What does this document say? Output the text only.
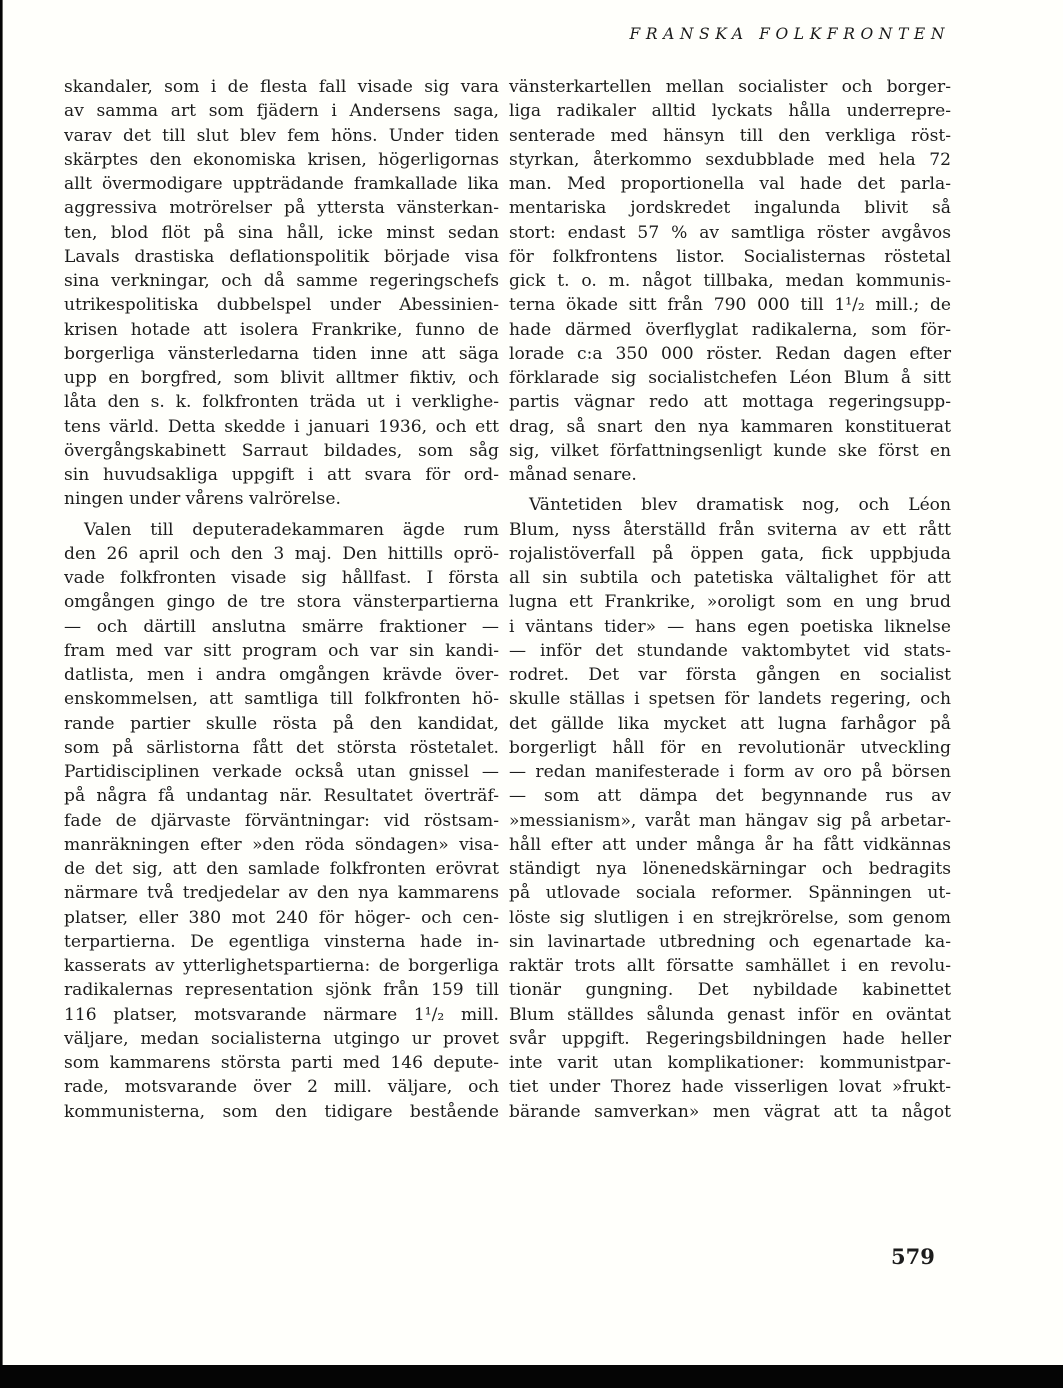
FRANSKA FOLKFRONTEN
skandaler, som i de flesta fall visade sig vara
av samma art som fjädern i Andersens saga,
varav det till slut blev fem höns. Under tiden
skärptes den ekonomiska krisen, högerligornas
allt övermodigare uppträdande framkallade lika
aggressiva motrörelser på yttersta vänsterkan-
ten, blod flöt på sina håll, icke minst sedan
Lavals drastiska deflationspolitik började visa
sina verkningar, och då samme regeringschefs
utrikespolitiska dubbelspel under Abessinien-
krisen hotade att isolera Frankrike, funno de
borgerliga vänsterledarna tiden inne att säga
upp en borgfred, som blivit alltmer fiktiv, och
låta den s. k. folkfronten träda ut i verklighe-
tens värld. Detta skedde i januari 1936, och ett
övergångskabinett Sarraut bildades, som såg
sin huvudsakliga uppgift i att svara för ord-
ningen under vårens valrörelse.
Valen till deputeradekammaren ägde rum
den 26 april och den 3 maj. Den hittills oprö-
vade folkfronten visade sig hållfast. I första
omgången gingo de tre stora vänsterpartierna
— och därtill anslutna smärre fraktioner —
fram med var sitt program och var sin kandi-
datlista, men i andra omgången krävde över-
enskommelsen, att samtliga till folkfronten hö-
rande partier skulle rösta på den kandidat,
som på särlistorna fått det största röstetalet.
Partidisciplinen verkade också utan gnissel —
på några få undantag när. Resultatet överträf-
fade de djärvaste förväntningar: vid röstsam-
manräkningen efter »den röda söndagen» visa-
de det sig, att den samlade folkfronten erövrat
närmare två tredjedelar av den nya kammarens
platser, eller 380 mot 240 för höger- och cen-
terpartierna. De egentliga vinsterna hade in-
kasserats av ytterlighetspartierna: de borgerliga
radikalernas representation sjönk från 159 till
116 platser, motsvarande närmare 1¹/₂ mill.
väljare, medan socialisterna utgingo ur provet
som kammarens största parti med 146 depute-
rade, motsvarande över 2 mill. väljare, och
kommunisterna, som den tidigare bestående
vänsterkartellen mellan socialister och borger-
liga radikaler alltid lyckats hålla underrepre-
senterade med hänsyn till den verkliga röst-
styrkan, återkommo sexdubblade med hela 72
man. Med proportionella val hade det parla-
mentariska jordskredet ingalunda blivit så
stort: endast 57 % av samtliga röster avgåvos
för folkfrontens listor. Socialisternas röstetal
gick t. o. m. något tillbaka, medan kommunis-
terna ökade sitt från 790 000 till 1¹/₂ mill.; de
hade därmed överflyglat radikalerna, som för-
lorade c:a 350 000 röster. Redan dagen efter
förklarade sig socialistchefen Léon Blum å sitt
partis vägnar redo att mottaga regeringsupp-
drag, så snart den nya kammaren konstituerat
sig, vilket författningsenligt kunde ske först en
månad senare.
Väntetiden blev dramatisk nog, och Léon
Blum, nyss återställd från sviterna av ett rått
rojalistöverfall på öppen gata, fick uppbjuda
all sin subtila och patetiska vältalighet för att
lugna ett Frankrike, »oroligt som en ung brud
i väntans tider» — hans egen poetiska liknelse
— inför det stundande vaktombytet vid stats-
rodret. Det var första gången en socialist
skulle ställas i spetsen för landets regering, och
det gällde lika mycket att lugna farhågor på
borgerligt håll för en revolutionär utveckling
— redan manifesterade i form av oro på börsen
— som att dämpa det begynnande rus av
»messianism», varåt man hängav sig på arbetar-
håll efter att under många år ha fått vidkännas
ständigt nya lönenedskärningar och bedragits
på utlovade sociala reformer. Spänningen ut-
löste sig slutligen i en strejkrörelse, som genom
sin lavinartade utbredning och egenartade ka-
raktär trots allt försatte samhället i en revolu-
tionär gungning. Det nybildade kabinettet
Blum ställdes sålunda genast inför en oväntat
svår uppgift. Regeringsbildningen hade heller
inte varit utan komplikationer: kommunistpar-
tiet under Thorez hade visserligen lovat »frukt-
bärande samverkan» men vägrat att ta något
579
